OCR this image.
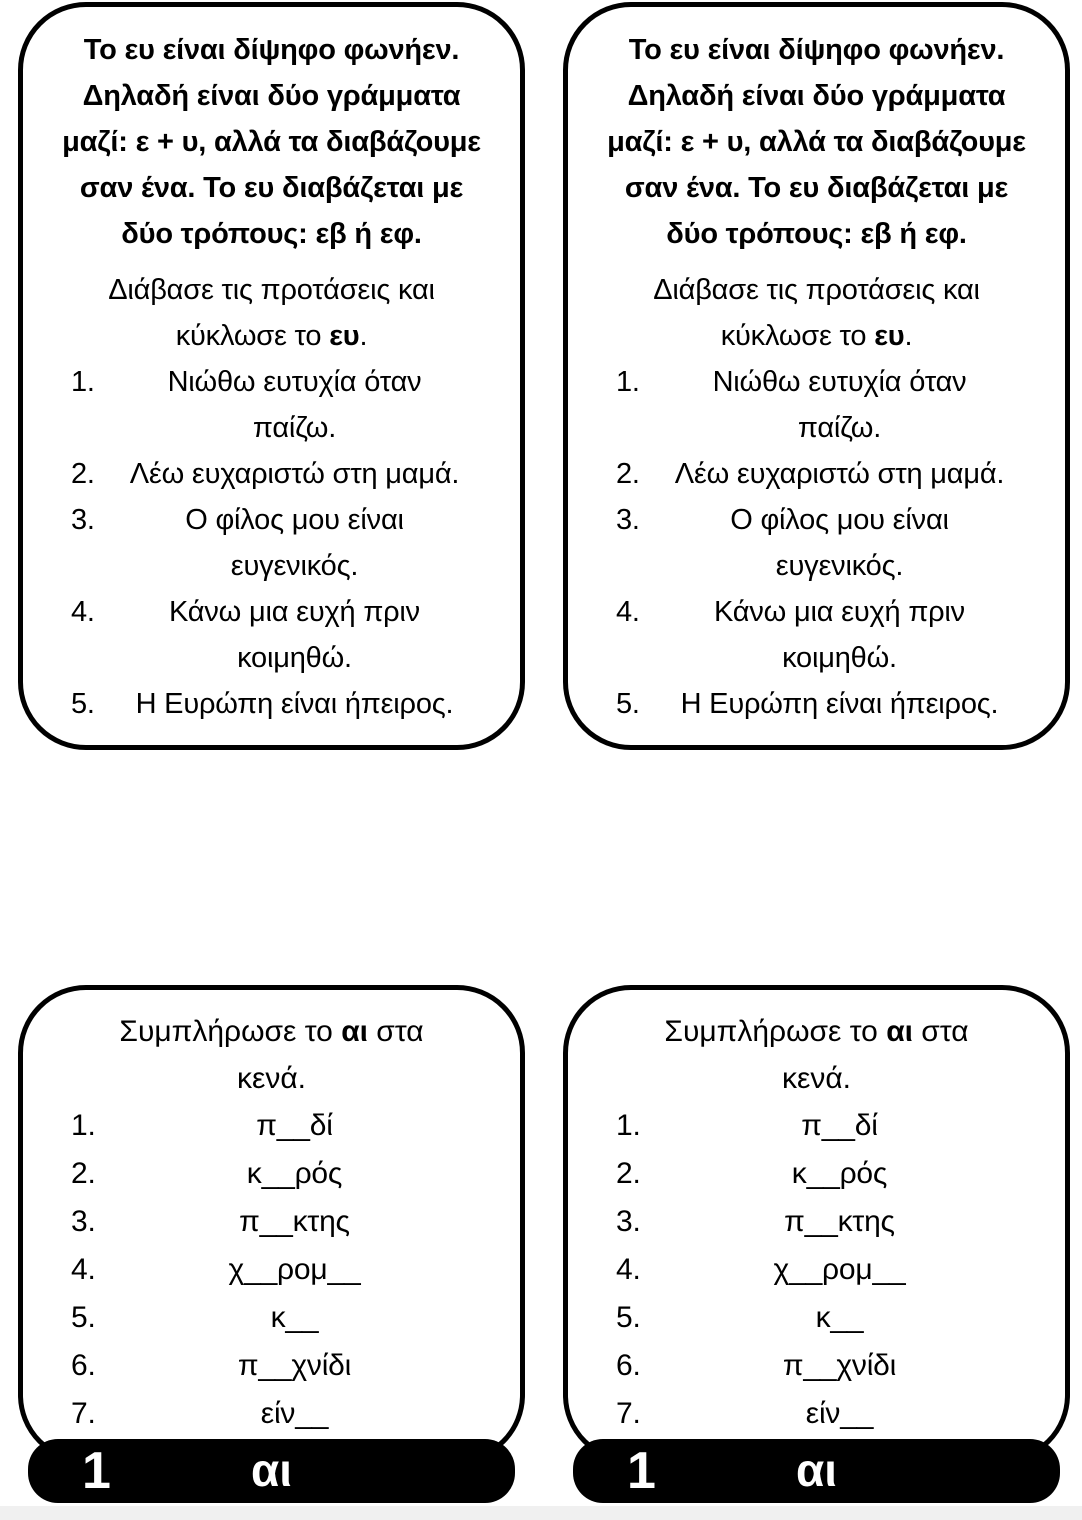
Το ευ είναι δίψηφο φωνήεν.
Δηλαδή είναι δύο γράμματα
μαζί: ε + υ, αλλά τα διαβάζουμε
σαν ένα. Το ευ διαβάζεται με
δύο τρόπους: εβ ή εφ.
Διάβασε τις προτάσεις και
κύκλωσε το ευ.
1.	Νιώθω ευτυχία όταν
παίζω.
2.	Λέω ευχαριστώ στη μαμά.
3.	Ο φίλος μου είναι
ευγενικός.
4.	Κάνω μια ευχή πριν
κοιμηθώ.
5.	Η Ευρώπη είναι ήπειρος.
Το ευ είναι δίψηφο φωνήεν.
Δηλαδή είναι δύο γράμματα
μαζί: ε + υ, αλλά τα διαβάζουμε
σαν ένα. Το ευ διαβάζεται με
δύο τρόπους: εβ ή εφ.
Διάβασε τις προτάσεις και
κύκλωσε το ευ.
1.	Νιώθω ευτυχία όταν
παίζω.
2.	Λέω ευχαριστώ στη μαμά.
3.	Ο φίλος μου είναι
ευγενικός.
4.	Κάνω μια ευχή πριν
κοιμηθώ.
5.	Η Ευρώπη είναι ήπειρος.
Συμπλήρωσε το αι στα
κενά.
1.	π__δί
2.	κ__ρός
3.	π__κτης
4.	χ__ρομ__
5.	κ__
6.	π__χνίδι
7.	είν__
Συμπλήρωσε το αι στα
κενά.
1.	π__δί
2.	κ__ρός
3.	π__κτης
4.	χ__ρομ__
5.	κ__
6.	π__χνίδι
7.	είν__
1	αι	1	αι
